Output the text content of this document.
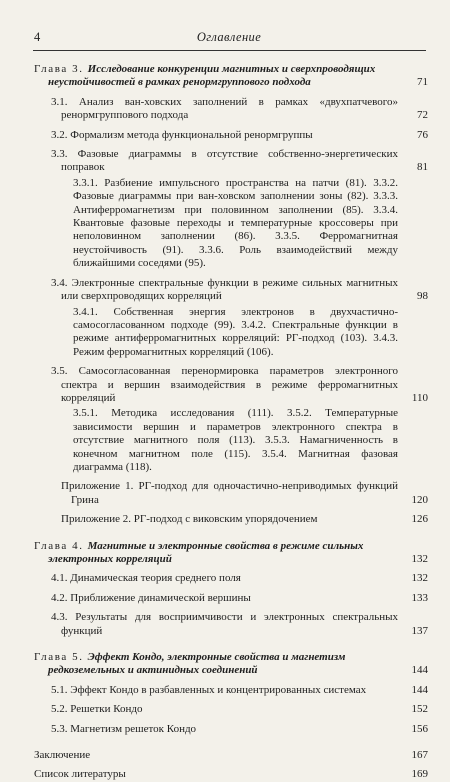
4	Оглавление
Глава 3. Исследование конкуренции магнитных и сверхпроводящих неустойчивостей в рамках ренормгруппового подхода	71
3.1. Анализ ван-ховских заполнений в рамках «двухпатчевого» ренормгруппового подхода	72
3.2. Формализм метода функциональной ренормгруппы	76
3.3. Фазовые диаграммы в отсутствие собственно-энергетических поправок	81
3.3.1. Разбиение импульсного пространства на патчи (81). 3.3.2. Фазовые диаграммы при ван-ховском заполнении зоны (82). 3.3.3. Антиферромагнетизм при половинном заполнении (85). 3.3.4. Квантовые фазовые переходы и температурные кроссоверы при неполовинном заполнении (86). 3.3.5. Ферромагнитная неустойчивость (91). 3.3.6. Роль взаимодействий между ближайшими соседями (95).
3.4. Электронные спектральные функции в режиме сильных магнитных или сверхпроводящих корреляций	98
3.4.1. Собственная энергия электронов в двухчастично-самосогласованном подходе (99). 3.4.2. Спектральные функции в режиме антиферромагнитных корреляций: РГ-подход (103). 3.4.3. Режим ферромагнитных корреляций (106).
3.5. Самосогласованная перенормировка параметров электронного спектра и вершин взаимодействия в режиме ферромагнитных корреляций	110
3.5.1. Методика исследования (111). 3.5.2. Температурные зависимости вершин и параметров электронного спектра в отсутствие магнитного поля (113). 3.5.3. Намагниченность в конечном магнитном поле (115). 3.5.4. Магнитная фазовая диаграмма (118).
Приложение 1. РГ-подход для одночастично-неприводимых функций Грина	120
Приложение 2. РГ-подход с виковским упорядочением	126
Глава 4. Магнитные и электронные свойства в режиме сильных электронных корреляций	132
4.1. Динамическая теория среднего поля	132
4.2. Приближение динамической вершины	133
4.3. Результаты для восприимчивости и электронных спектральных функций	137
Глава 5. Эффект Кондо, электронные свойства и магнетизм редкоземельных и актинидных соединений	144
5.1. Эффект Кондо в разбавленных и концентрированных системах	144
5.2. Решетки Кондо	152
5.3. Магнетизм решеток Кондо	156
Заключение	167
Список литературы	169
